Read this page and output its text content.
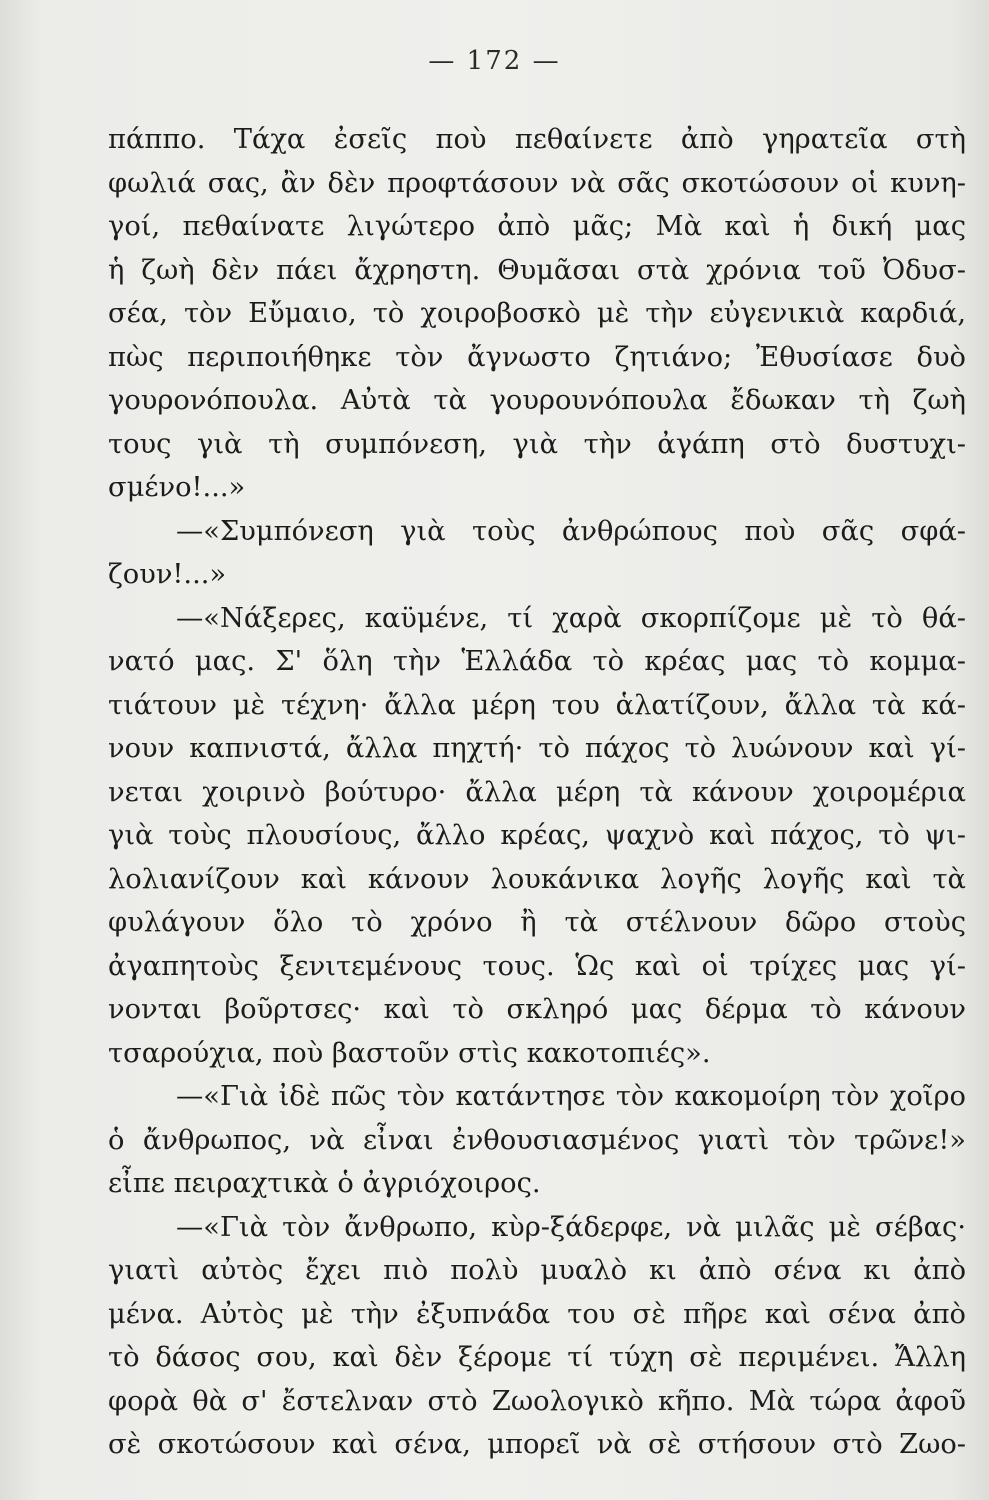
— 172 —
πάππο. Τάχα ἐσεῖς ποὺ πεθαίνετε ἀπὸ γηρατεῖα στὴ
φωλιά σας, ἂν δὲν προφτάσουν νὰ σᾶς σκοτώσουν οἱ κυνη-
γοί, πεθαίνατε λιγώτερο ἀπὸ μᾶς; Μὰ καὶ ἡ δική μας
ἡ ζωὴ δὲν πάει ἄχρηστη. Θυμᾶσαι στὰ χρόνια τοῦ Ὀδυσ-
σέα, τὸν Εὔμαιο, τὸ χοιροβοσκὸ μὲ τὴν εὐγενικιὰ καρδιά,
πὼς περιποιήθηκε τὸν ἄγνωστο ζητιάνο; Ἐθυσίασε δυὸ
γουρονόπουλα. Αὐτὰ τὰ γουρουνόπουλα ἔδωκαν τὴ ζωὴ
τους γιὰ τὴ συμπόνεση, γιὰ τὴν ἀγάπη στὸ δυστυχι-
σμένο!...»
—«Συμπόνεση γιὰ τοὺς ἀνθρώπους ποὺ σᾶς σφά-
ζουν!...»
—«Νάξερες, καϋμένε, τί χαρὰ σκορπίζομε μὲ τὸ θά-
νατό μας. Σ' ὅλη τὴν Ἑλλάδα τὸ κρέας μας τὸ κομμα-
τιάτουν μὲ τέχνη· ἄλλα μέρη του ἁλατίζουν, ἄλλα τὰ κά-
νουν καπνιστά, ἄλλα πηχτή· τὸ πάχος τὸ λυώνουν καὶ γί-
νεται χοιρινὸ βούτυρο· ἄλλα μέρη τὰ κάνουν χοιρομέρια
γιὰ τοὺς πλουσίους, ἄλλο κρέας, ψαχνὸ καὶ πάχος, τὸ ψι-
λολιανίζουν καὶ κάνουν λουκάνικα λογῆς λογῆς καὶ τὰ
φυλάγουν ὅλο τὸ χρόνο ἢ τὰ στέλνουν δῶρο στοὺς
ἀγαπητοὺς ξενιτεμένους τους. Ὡς καὶ οἱ τρίχες μας γί-
νονται βοῦρτσες· καὶ τὸ σκληρό μας δέρμα τὸ κάνουν
τσαρούχια, ποὺ βαστοῦν στὶς κακοτοπιές».
—«Γιὰ ἰδὲ πῶς τὸν κατάντησε τὸν κακομοίρη τὸν χοῖρο
ὁ ἄνθρωπος, νὰ εἶναι ἐνθουσιασμένος γιατὶ τὸν τρῶνε!»
εἶπε πειραχτικὰ ὁ ἀγριόχοιρος.
—«Γιὰ τὸν ἄνθρωπο, κὺρ-ξάδερφε, νὰ μιλᾶς μὲ σέβας·
γιατὶ αὐτὸς ἔχει πιὸ πολὺ μυαλὸ κι ἀπὸ σένα κι ἀπὸ
μένα. Αὐτὸς μὲ τὴν ἐξυπνάδα του σὲ πῆρε καὶ σένα ἀπὸ
τὸ δάσος σου, καὶ δὲν ξέρομε τί τύχη σὲ περιμένει. Ἄλλη
φορὰ θὰ σ' ἔστελναν στὸ Ζωολογικὸ κῆπο. Μὰ τώρα ἀφοῦ
σὲ σκοτώσουν καὶ σένα, μπορεῖ νὰ σὲ στήσουν στὸ Ζωο-
